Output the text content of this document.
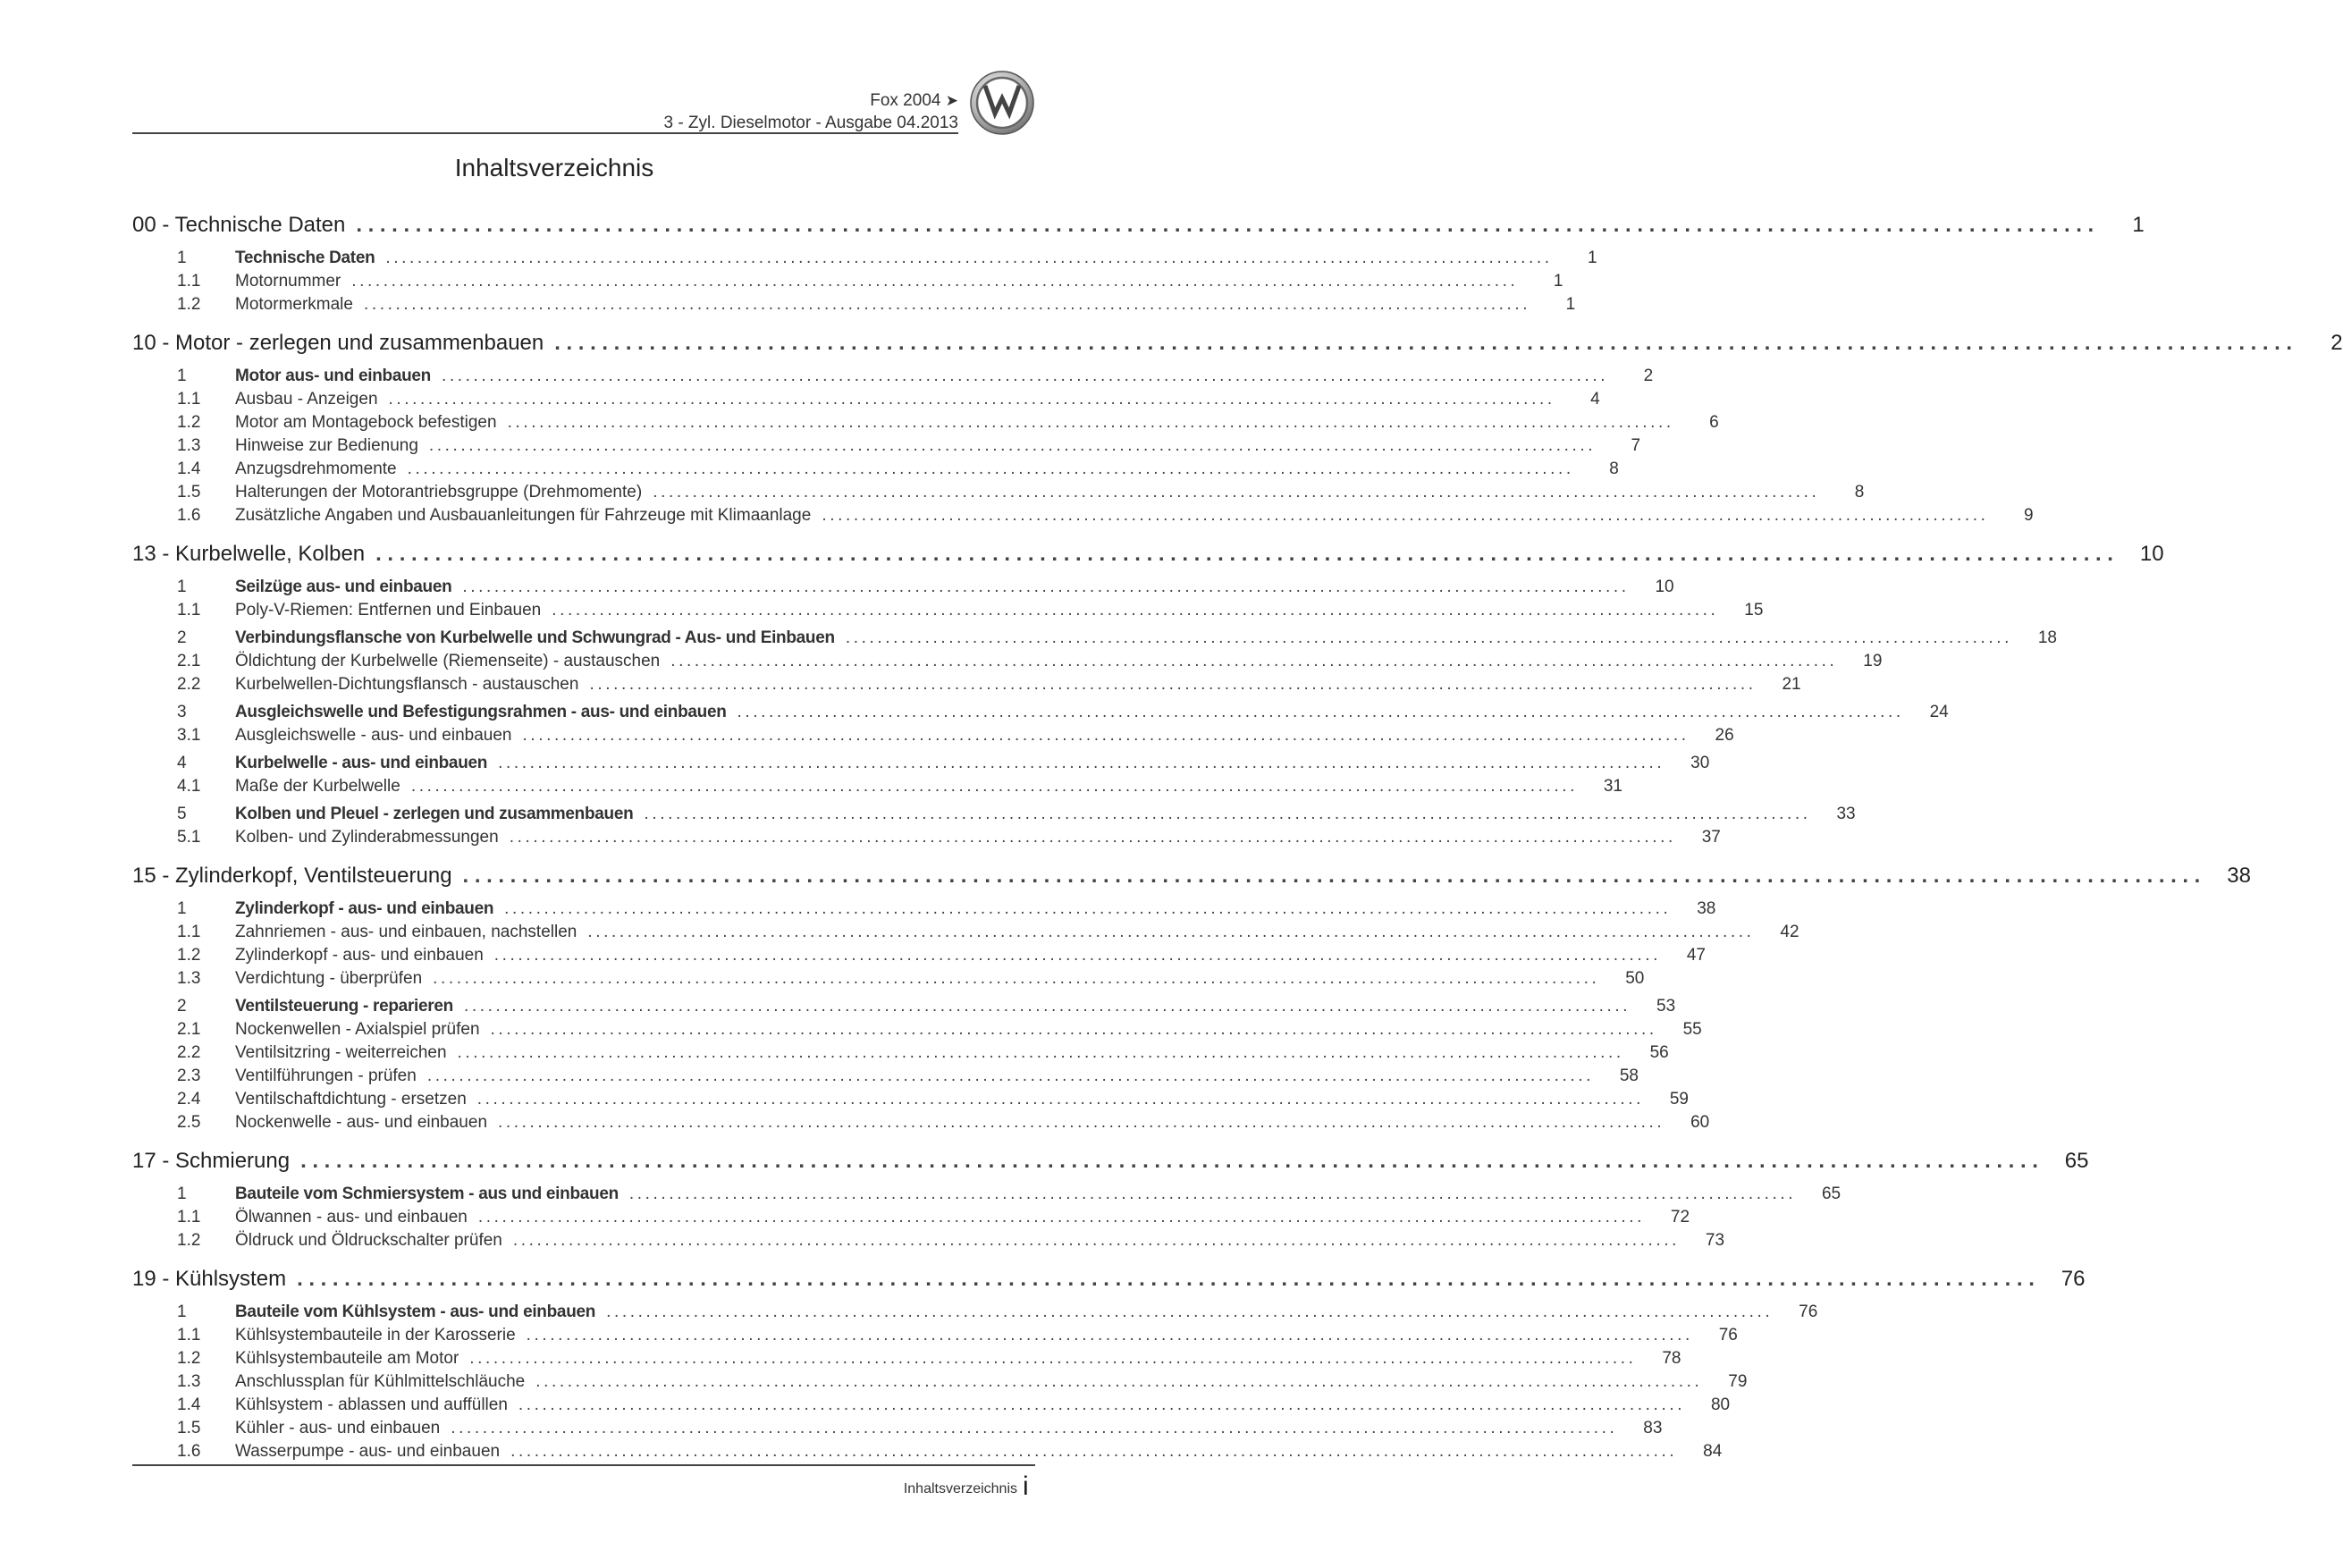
Fox 2004 ➤
3 - Zyl. Dieselmotor - Ausgabe 04.2013
Inhaltsverzeichnis
00 - Technische Daten ...................................................................................................................................................	1
1	Technische Daten ...................................................................................................................................................	1
1.1	Motornummer ...................................................................................................................................................	1
1.2	Motormerkmale ...................................................................................................................................................	1
10 - Motor - zerlegen und zusammenbauen ...................................................................................................................................................	2
1	Motor aus- und einbauen ...................................................................................................................................................	2
1.1	Ausbau - Anzeigen ...................................................................................................................................................	4
1.2	Motor am Montagebock befestigen ...................................................................................................................................................	6
1.3	Hinweise zur Bedienung ...................................................................................................................................................	7
1.4	Anzugsdrehmomente ...................................................................................................................................................	8
1.5	Halterungen der Motorantriebsgruppe (Drehmomente) ...................................................................................................................................................	8
1.6	Zusätzliche Angaben und Ausbauanleitungen für Fahrzeuge mit Klimaanlage ...................................................................................................................................................	9
13 - Kurbelwelle, Kolben ................................................................................................................................................... 10
1	Seilzüge aus- und einbauen ...................................................................................................................................................	10
1.1	Poly-V-Riemen: Entfernen und Einbauen ...................................................................................................................................................	15
2	Verbindungsflansche von Kurbelwelle und Schwungrad - Aus- und Einbauen ...................................................................................................................................................	18
2.1	Öldichtung der Kurbelwelle (Riemenseite) - austauschen ...................................................................................................................................................	19
2.2	Kurbelwellen-Dichtungsflansch - austauschen ...................................................................................................................................................	21
3	Ausgleichswelle und Befestigungsrahmen - aus- und einbauen ...................................................................................................................................................	24
3.1	Ausgleichswelle - aus- und einbauen ...................................................................................................................................................	26
4	Kurbelwelle - aus- und einbauen ...................................................................................................................................................	30
4.1	Maße der Kurbelwelle ...................................................................................................................................................	31
5	Kolben und Pleuel - zerlegen und zusammenbauen ...................................................................................................................................................	33
5.1	Kolben- und Zylinderabmessungen ...................................................................................................................................................	37
15 - Zylinderkopf, Ventilsteuerung ................................................................................................................................................... 38
1	Zylinderkopf - aus- und einbauen ...................................................................................................................................................	38
1.1	Zahnriemen - aus- und einbauen, nachstellen ...................................................................................................................................................	42
1.2	Zylinderkopf - aus- und einbauen ...................................................................................................................................................	47
1.3	Verdichtung - überprüfen ...................................................................................................................................................	50
2	Ventilsteuerung - reparieren ...................................................................................................................................................	53
2.1	Nockenwellen - Axialspiel prüfen ...................................................................................................................................................	55
2.2	Ventilsitzring - weiterreichen ...................................................................................................................................................	56
2.3	Ventilführungen - prüfen ...................................................................................................................................................	58
2.4	Ventilschaftdichtung - ersetzen ...................................................................................................................................................	59
2.5	Nockenwelle - aus- und einbauen ...................................................................................................................................................	60
17 - Schmierung ................................................................................................................................................... 65
1	Bauteile vom Schmiersystem - aus und einbauen ...................................................................................................................................................	65
1.1	Ölwannen - aus- und einbauen ...................................................................................................................................................	72
1.2	Öldruck und Öldruckschalter prüfen ...................................................................................................................................................	73
19 - Kühlsystem ................................................................................................................................................... 76
1	Bauteile vom Kühlsystem - aus- und einbauen ...................................................................................................................................................	76
1.1	Kühlsystembauteile in der Karosserie ...................................................................................................................................................	76
1.2	Kühlsystembauteile am Motor ...................................................................................................................................................	78
1.3	Anschlussplan für Kühlmittelschläuche ...................................................................................................................................................	79
1.4	Kühlsystem - ablassen und auffüllen ...................................................................................................................................................	80
1.5	Kühler - aus- und einbauen ...................................................................................................................................................	83
1.6	Wasserpumpe - aus- und einbauen ...................................................................................................................................................	84
Inhaltsverzeichnis i
